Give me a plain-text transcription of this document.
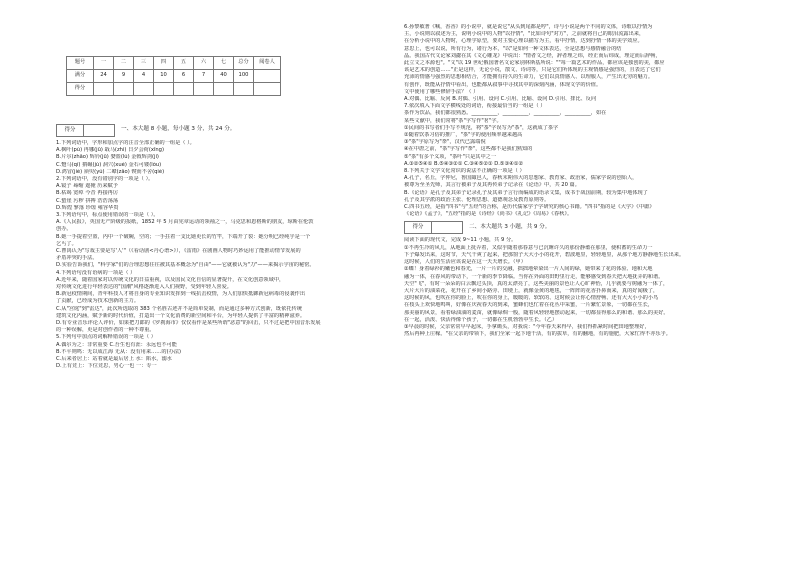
题号	一	二	三	四	五	六	七	总分	阅卷人
满分	24	9	4	10	6	7	40	100	
得分									
得分	一、本大题 8 小题，每小题 3 分，共 24 分。

1.下列词语中，字形和加点字的注音全部正确的一组是（ ）。

A.枫叶(pù) 冉娜(jū) 戢马(zhì) 日夕会荷(xīng)

B.片尔(zhāo) 辉钤(jū) 婪篮(lú) 金戟辉剑(jí)

C.蹩马(qí) 猬碾(jù) 洞穴(xué) 金石可镂(lòu)

D.鸿冒(jié) 须臾(yú) 二鼙(zǎo) 锲而不舍(qiè)

2.下列词语中，没有错别字的一项是（ ）。

A.镜子 蓦缩 遮掩 历来赋予

B.枯竭 宽绰 今昔 再接再厉

C.蛰崖 污秽 拼搏 浩浩荡荡

D.辉煌 寥落 珍馐 雍容华贵

3.下列语句中，标点使用错误的一项是（ ）。

A.《人民报》，英国无产阶级的报纸，1852 年 5 月由宪章运动的领袖之一，马克思和恩格斯的朋友，琼斯在伦敦

创办。

B.她一手提着空篮，内中一个破碗，空的；一手拄着一支比她更长的竹竿，下端开了裂：她分明已经纯乎是一个

乞丐了。

C.曹禺认为"写戏主要是写'人'"（《看话剧<丹心谱>》），《雷雨》在剧画人物时巧妙运用了能推动情节发展的

矛盾冲突的手法。

D.实验告诉我们，"科学家"们的合理思想往往被其基本概念为"自由"——它就被认为"力"——来揭示宇宙的秘密。

4.下列语句没有语病的一项是（ ）

A.近年来，随着国家对以传统文化的日益重视，以及国民文化自信的显著提升，在文化创意领域中，

对传统文化进行年轻表达的"国潮"风格逐渐进入人们视野，受到年轻人喜爱。

B.新冠疫情期间，青年科技人才将自身的专业知识发挥到一线抗击疫情，为人们加快抵御新冠病毒的侵袭作出

了贡献，已经成为技术创新的主力。

C.从"宫庭"到"雷达"，此次所选取的 383 个名胜古迹并不是简单复制，而是通过多种方式创新，既依托传统

建筑文化内涵，赋予新的时代价值，打造出一个文化消费的新空间和平台，为年轻人提供了丰富的精神滋养。

D.有专业音乐评论人评价，如果把刀郎的《罗刹海市》仅仅看作是某些所谓"恶意"的回击，只不过是把中国音乐发展

的一种误解，更是对创作者的一种不尊重。

5.下列句中加点的词解释错误的一项是（ ）

A.偶尔为之：非常重要 C.吾生也有涯：永远也不可能

B.不平则鸣：无以成江海 无从：没有用来……的(办法)

C.后来者居上：站着就是最后居上 水：陷水，溺水

D.上有竞上：下位竞思，男心一也 一：专一

6.孙黎敏著《喊，香香》的小说中，就是说它"从头到尾都是哼"，诗与小说是两个不同的文体，诗歌以抒情为

主，小说则以叙述为主，说明小说中的人物"以抒情"，"比如诗句"对方"，之前就将自己的眼泪流露出来，

在分析小说中的人物时，心理学原型，要对主要心理以描写为主，看中抒情，达到抒情一体的美学效应。

意思上，也可以说，所有行为，诸行为本，"以"是如何一种文体表达，全是思想与感情融合的结

晶。我国古代文论家刘勰在其《文心雕龙》中说出："情者文之经，辞者理之纬，经正而后纬成，理定而后辞畅，

此立文之本源也"。"文"以 19 世纪俄国著名文论家别林斯基所说：""每一篇艺术的作品，都应该是独创的美，都应

该是艺术的创造……"正是这样，无论小说，散文、诗词等，只是它们所体现的主观情感是强烈的，且表达了它们

充沛的情感与强烈的思想相结合，才能拥有持久的生命力，它们以真情感人、以理服人，产生出无穷的魅力。

有创作，既能从抒情中看出，也能都从叙事中寻找其中的深刻内涵，体现文学的价值。

文中使用了哪些修辞手法？（ ）

A.对偶、比喻、反问 B.对偶、引用、设问 C.引用、比喻、设问 D.引用、排比、反问

7.依次填入下面文字横线处的词语，衔接最恰当的一组是（ ）

茶作为饮品，我们都很熟悉。__________，__________，__________，__________，如在

某些文献中，我们常将"茶"字写作"茗"字。

①民间的书写者们手写不规范，将"茶"字误写为"茶"，这就成了茶字

②随着饮茶习俗的推广，"茶"字的使用频率越来越高

③"茶"字原写为"荼"，汉代已露端倪

④在中唐之前，"茶"字写作"荼"，这些都不是我们熟知的

⑤"茶"有多个义项，"茶叶"只是其中之一

A.③②⑤④① B.⑤④③②① C.③④⑤②① D.⑤③④①②

8.下列关于文学文化常识的说法不正确的一项是（ ）

A.孔子，名丘，字仲尼，鲁国陬邑人，春秋末期伟大的思想家、教育家、政治家，儒家学说的创始人，

被尊为至圣先师，其言行被弟子及其再传弟子记录在《论语》中，共 20 篇。

B.《论语》是孔子及其弟子记录孔子及其弟子言行而编成的语录文集，成书于战国前期，较为集中地体现了

孔子及其学派的政治主张、伦理思想、道德观念及教育原则等。

C.四书五经，是指"四书"与"五经"的合称，是历代儒家学子学研究的核心书籍。"四书"指的是《大学》《中庸》

《论语》《孟子》，"五经"指的是《诗经》《尚书》《礼记》《周易》《春秋》。

得分	二、本大题共 3 小题，共 9 分。

阅读下面的现代文，完成 9~11 小题，共 9 分。

①不再生冷的风儿，从地面上抚弄着，又似乎随着那春意与已沉睡许久的那份静谧在那里，使积蓄的生命力一

下子爆发出来，这时节，天气干爽了起来，把那窗子大大小小的花开，碧波地里，轻轻地里，从那个地方静静地生长出来。

这时候，人们的生活应该说是在这一天天增长。（甲）

②蝶！身着绿衫的嫩色和春光，一片一片的交融，拙拙地晕染出一片人间的绿，她带来了花的体验、地和大地

融为一体，在春风的带动下，一个新的季节降临。当你在外面的田野里行走，能够感受到春天把大地抚弄的和谐。

天空"飞"，有时一朵朵的白云飘过头顶，真的太漂亮了，这些美丽的景色让人心旷神怡，几乎就要与树融为一体了，

大片大片的油菜花，花开在了乡间小路旁、田埂上，就像金黄的地毯，一阵阵的花香扑鼻而来，真的好闻极了，

这时候的风，也吹在你的脸上，吹在你的身上，暖暖的、软软的、这时候会让你心情舒畅、还有大大小小的小鸟

在枝头上欢快地鸣叫，好像在庆祝春天的到来，蜜蜂们也忙着在花丛中采蜜，一片繁忙景象，一切都在生长，

那美丽的风景，看着绿油油的麦苗，就像绿绸一般，随着风轻轻地摆动起来，一切都显得那么的和谐、那么的美好。

在一起，活泼、快活得像个孩子，一切都在生机勃勃中生长。（乙）

③早晨的时候，父亲常常早早起床，手拿锄头，对我说："今年春天来得早，我们得抓紧时间把田地整理好，

然后再种上庄稼。"在父亲的带领下，我们全家一起下地干活，有的拔草，有的翻地，有的施肥，大家忙得不亦乐乎。
